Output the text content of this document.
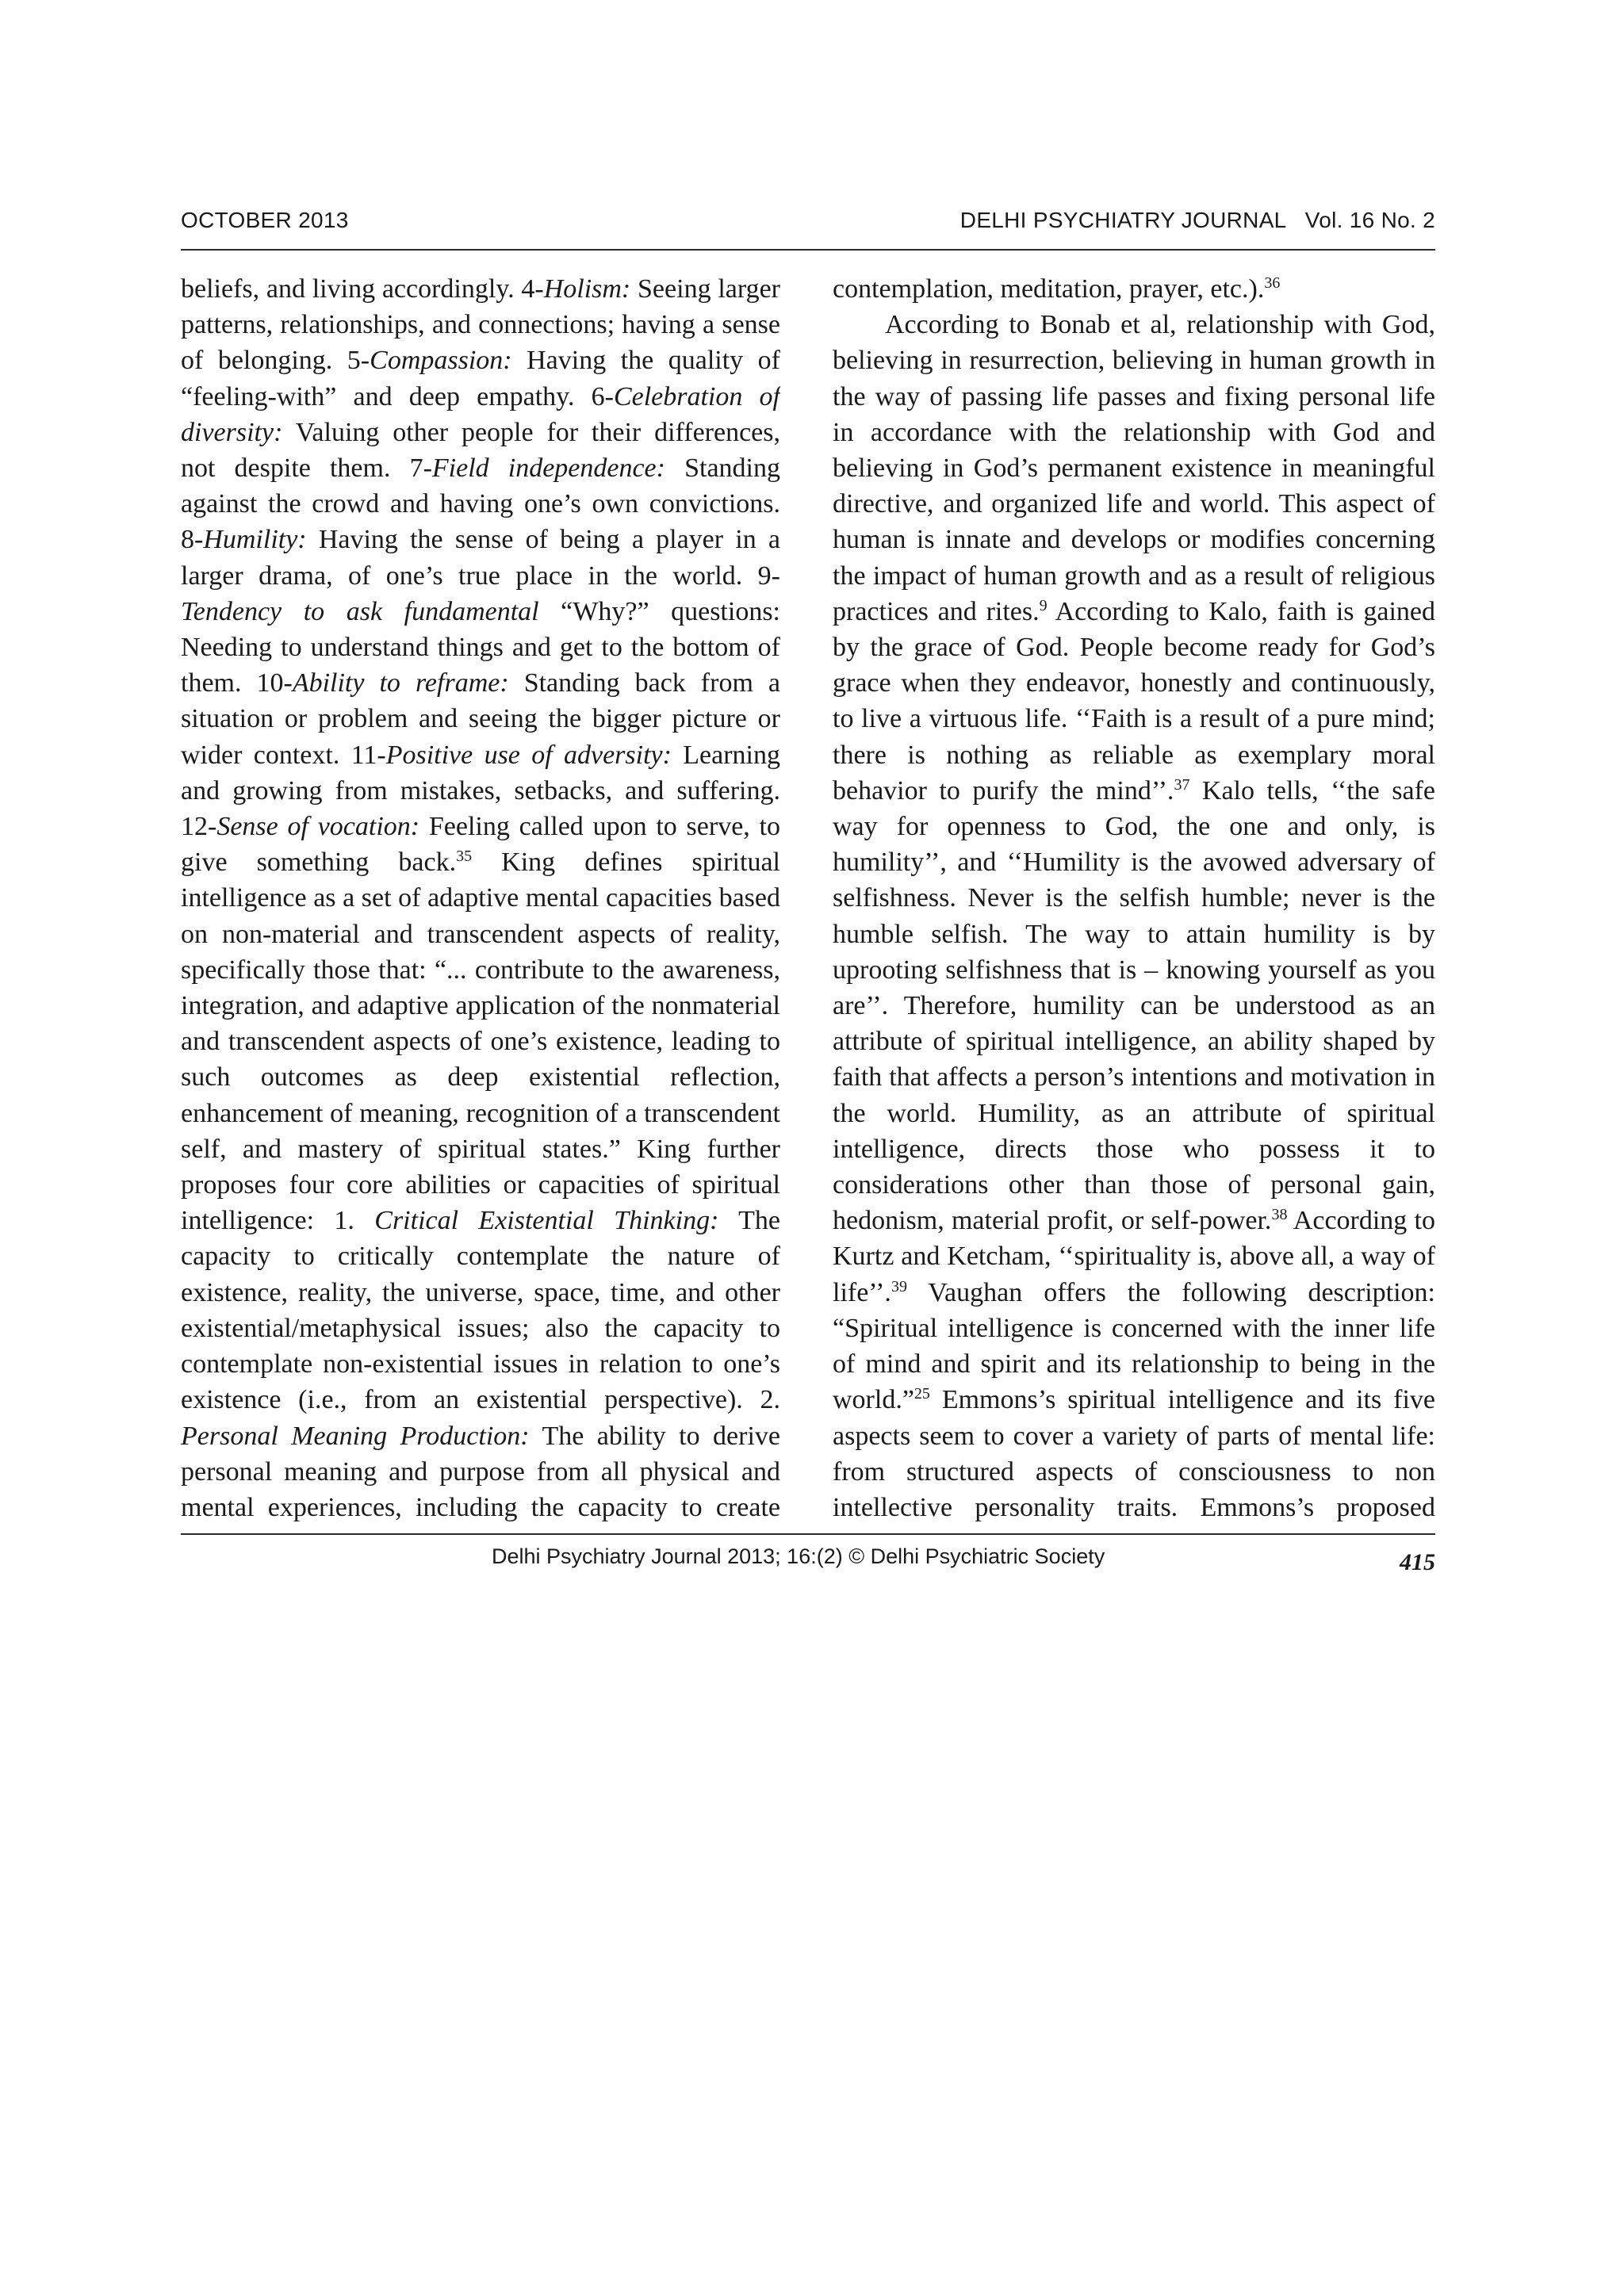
OCTOBER 2013	DELHI PSYCHIATRY JOURNAL Vol. 16 No. 2

beliefs, and living accordingly. 4-Holism: Seeing larger patterns, relationships, and connections; having a sense of belonging. 5-Compassion: Having the quality of “feeling-with” and deep empathy. 6-Celebration of diversity: Valuing other people for their differences, not despite them. 7-Field independence: Standing against the crowd and having one’s own convictions. 8-Humility: Having the sense of being a player in a larger drama, of one’s true place in the world. 9-Tendency to ask fundamental “Why?” questions: Needing to understand things and get to the bottom of them. 10-Ability to reframe: Standing back from a situation or problem and seeing the bigger picture or wider context. 11-Positive use of adversity: Learning and growing from mistakes, setbacks, and suffering. 12-Sense of vocation: Feeling called upon to serve, to give something back.$^{35}$ King defines spiritual intelligence as a set of adaptive mental capacities based on non-material and transcendent aspects of reality, specifically those that: “... contribute to the awareness, integration, and adaptive application of the nonmaterial and transcendent aspects of one’s existence, leading to such outcomes as deep existential reflection, enhancement of meaning, recognition of a transcendent self, and mastery of spiritual states.” King further proposes four core abilities or capacities of spiritual intelligence: 1. Critical Existential Thinking: The capacity to critically contemplate the nature of existence, reality, the universe, space, time, and other existential/metaphysical issues; also the capacity to contemplate non-existential issues in relation to one’s existence (i.e., from an existential perspective). 2. Personal Meaning Production: The ability to derive personal meaning and purpose from all physical and mental experiences, including the capacity to create

contemplation, meditation, prayer, etc.).$^{36}$

According to Bonab et al, relationship with God, believing in resurrection, believing in human growth in the way of passing life passes and fixing personal life in accordance with the relationship with God and believing in God’s permanent existence in meaningful directive, and organized life and world. This aspect of human is innate and develops or modifies concerning the impact of human growth and as a result of religious practices and rites.$^9$ According to Kalo, faith is gained by the grace of God. People become ready for God’s grace when they endeavor, honestly and continuously, to live a virtuous life. ‘‘Faith is a result of a pure mind; there is nothing as reliable as exemplary moral behavior to purify the mind’’.$^{37}$ Kalo tells, ‘‘the safe way for openness to God, the one and only, is humility’’, and ‘‘Humility is the avowed adversary of selfishness. Never is the selfish humble; never is the humble selfish. The way to attain humility is by uprooting selfishness that is – knowing yourself as you are’’. Therefore, humility can be understood as an attribute of spiritual intelligence, an ability shaped by faith that affects a person’s intentions and motivation in the world. Humility, as an attribute of spiritual intelligence, directs those who possess it to considerations other than those of personal gain, hedonism, material profit, or self-power.$^{38}$ According to Kurtz and Ketcham, ‘‘spirituality is, above all, a way of life’’.$^{39}$ Vaughan offers the following description: “Spiritual intelligence is concerned with the inner life of mind and spirit and its relationship to being in the world.”$^{25}$ Emmons’s spiritual intelligence and its five aspects seem to cover a variety of parts of mental life: from structured aspects of consciousness to non intellective personality traits. Emmons’s proposed

Delhi Psychiatry Journal 2013; 16:(2) © Delhi Psychiatric Society	415
